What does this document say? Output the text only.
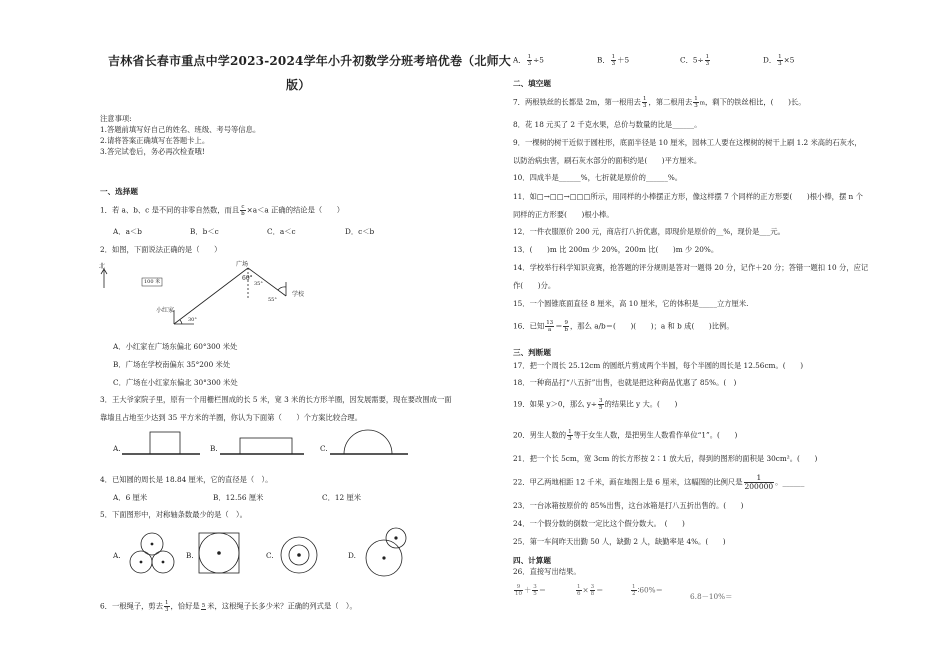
吉林省长春市重点中学2023-2024学年小升初数学分班考培优卷（北师大
版）
注意事项:
1.答题前填写好自己的姓名、班级、考号等信息。
2.请将答案正确填写在答题卡上。
3.答完试卷后，务必再次检查哦!
一、选择题
1．若 a、b、c 是不同的非零自然数，而且 $\frac{c}{b} \times a<a$ 正确的结论是（　　）
A．a＜b	B．b＜c	C．a＜c	D．c＜b
2．如图，下面说法正确的是（　　）
北
100 米
广场
60°
35°
学校
55°
小红家
30°
A．小红家在广场东偏北 60°300 米处
B．广场在学校南偏东 35°200 米处
C．广场在小红家东偏北 30°300 米处
3．王大爷家院子里，原有一个用栅栏围成的长 5 米，宽 3 米的长方形羊圈，因发展需要，现在要改围成一面
靠墙且占地至少达到 35 平方米的羊圈，你认为下面第（　　）个方案比较合理。
A.	B.	C.
4．已知圆的周长是 18.84 厘米，它的直径是（　）。
A．6 厘米	B．12.56 厘米	C．12 厘米
5．下面图形中，对称轴条数最少的是（　）。
A.	B.	C.	D.
6．一根绳子，剪去 $\frac{1}{3}$ ，恰好是 5 米，这根绳子长多少米？正确的列式是（　）。
A． $\frac{1}{3} \div 5$	B． $\frac{1}{3} +5$	C．$5\div \frac{1}{3}$	D． $\frac{1}{3} \times 5$
二、填空题
7．两根铁丝的长都是 2m，第一根用去 $\frac{1}{3}$ ，第二根用去 $\frac{1}{3}$ m，剩下的铁丝相比，(　　)长。
8．花 18 元买了 2 千克水果，总价与数量的比是______。
9．一棵树的树干近似于圆柱形，底面半径是 10 厘米，园林工人要在这棵树的树干上刷 1.2 米高的石灰水，
以防治病虫害，刷石灰水部分的面积约是(　　)平方厘米。
10．四成半是______%，七折就是原价的______%。
11．如□→□□→□□□所示，用同样的小棒摆正方形，像这样摆 7 个同样的正方形要(　　)根小棒，摆 n 个
同样的正方形要(　　)根小棒。
12．一件衣服原价 200 元，商店打八折优惠，即现价是原价的__%，现价是___元。
13．(　　)m 比 200m 少 20%，200m 比(　　)m 少 20%。
14．学校举行科学知识竞赛，抢答题的评分规则是答对一题得 20 分，记作＋20 分；答错一题扣 10 分，应记
作(　　)分。
15．一个圆锥底面直径 8 厘米，高 10 厘米，它的体积是_____立方厘米.
16．已知 $\frac{13}{a} = \frac{9}{b}$ ，那么 a/b＝(　　)(　　)；a 和 b 成(　　)比例。
三、判断题
17．把一个周长 25.12cm 的圆纸片剪成两个半圆，每个半圆的周长是 12.56cm。(　　)
18．一种商品打“八五折”出售，也就是把这种商品优惠了 85%。(　)
19．如果 y＞0，那么 $y\div \frac{3}{5}$ 的结果比 y 大。(　　)
20．男生人数的 $\frac{1}{3}$ 等于女生人数，是把男生人数看作单位“1”。(　　)
21．把一个长 5cm，宽 3cm 的长方形按 2∶1 放大后，得到的图形的面积是 30cm²。(　　)
22．甲乙两地相距 12 千米，画在地图上是 6 厘米，这幅图的比例尺是 $\frac{1}{200000}$ 。______
23．一台冰箱按原价的 85%出售，这台冰箱是打八五折出售的。(　　)
24．一个假分数的倒数一定比这个假分数大。　(　　)
25．第一车间昨天出勤 50 人，缺勤 2 人，缺勤率是 4%。(　　)
四、计算题
26．直接写出结果。
$\frac{9}{10} + \frac{3}{5}$ ＝	$\frac{1}{6} \times \frac{3}{8}$ ＝	$\frac{1}{2}$ ∶60%＝
6.8－10%＝
